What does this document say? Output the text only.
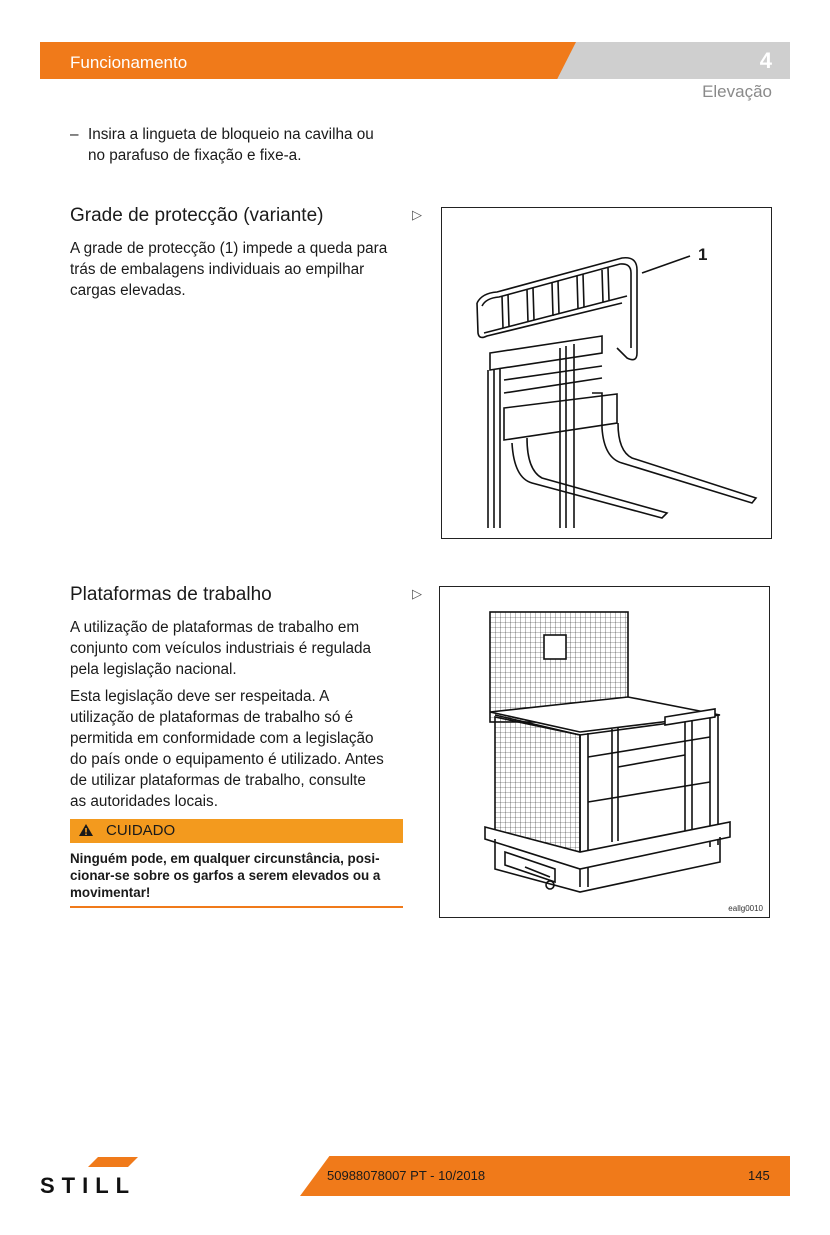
Funcionamento	4
Elevação
– Insira a lingueta de bloqueio na cavilha ou
no parafuso de fixação e fixe-a.
Grade de protecção (variante)	▷
A grade de protecção (1) impede a queda para
trás de embalagens individuais ao empilhar
cargas elevadas.
1
Plataformas de trabalho	▷
A utilização de plataformas de trabalho em
conjunto com veículos industriais é regulada
pela legislação nacional.
Esta legislação deve ser respeitada. A
utilização de plataformas de trabalho só é
permitida em conformidade com a legislação
do país onde o equipamento é utilizado. Antes
de utilizar plataformas de trabalho, consulte
as autoridades locais.
CUIDADO
Ninguém pode, em qualquer circunstância, posi-
cionar-se sobre os garfos a serem elevados ou a
movimentar!
eallg0010
STILL	50988078007 PT - 10/2018	145
